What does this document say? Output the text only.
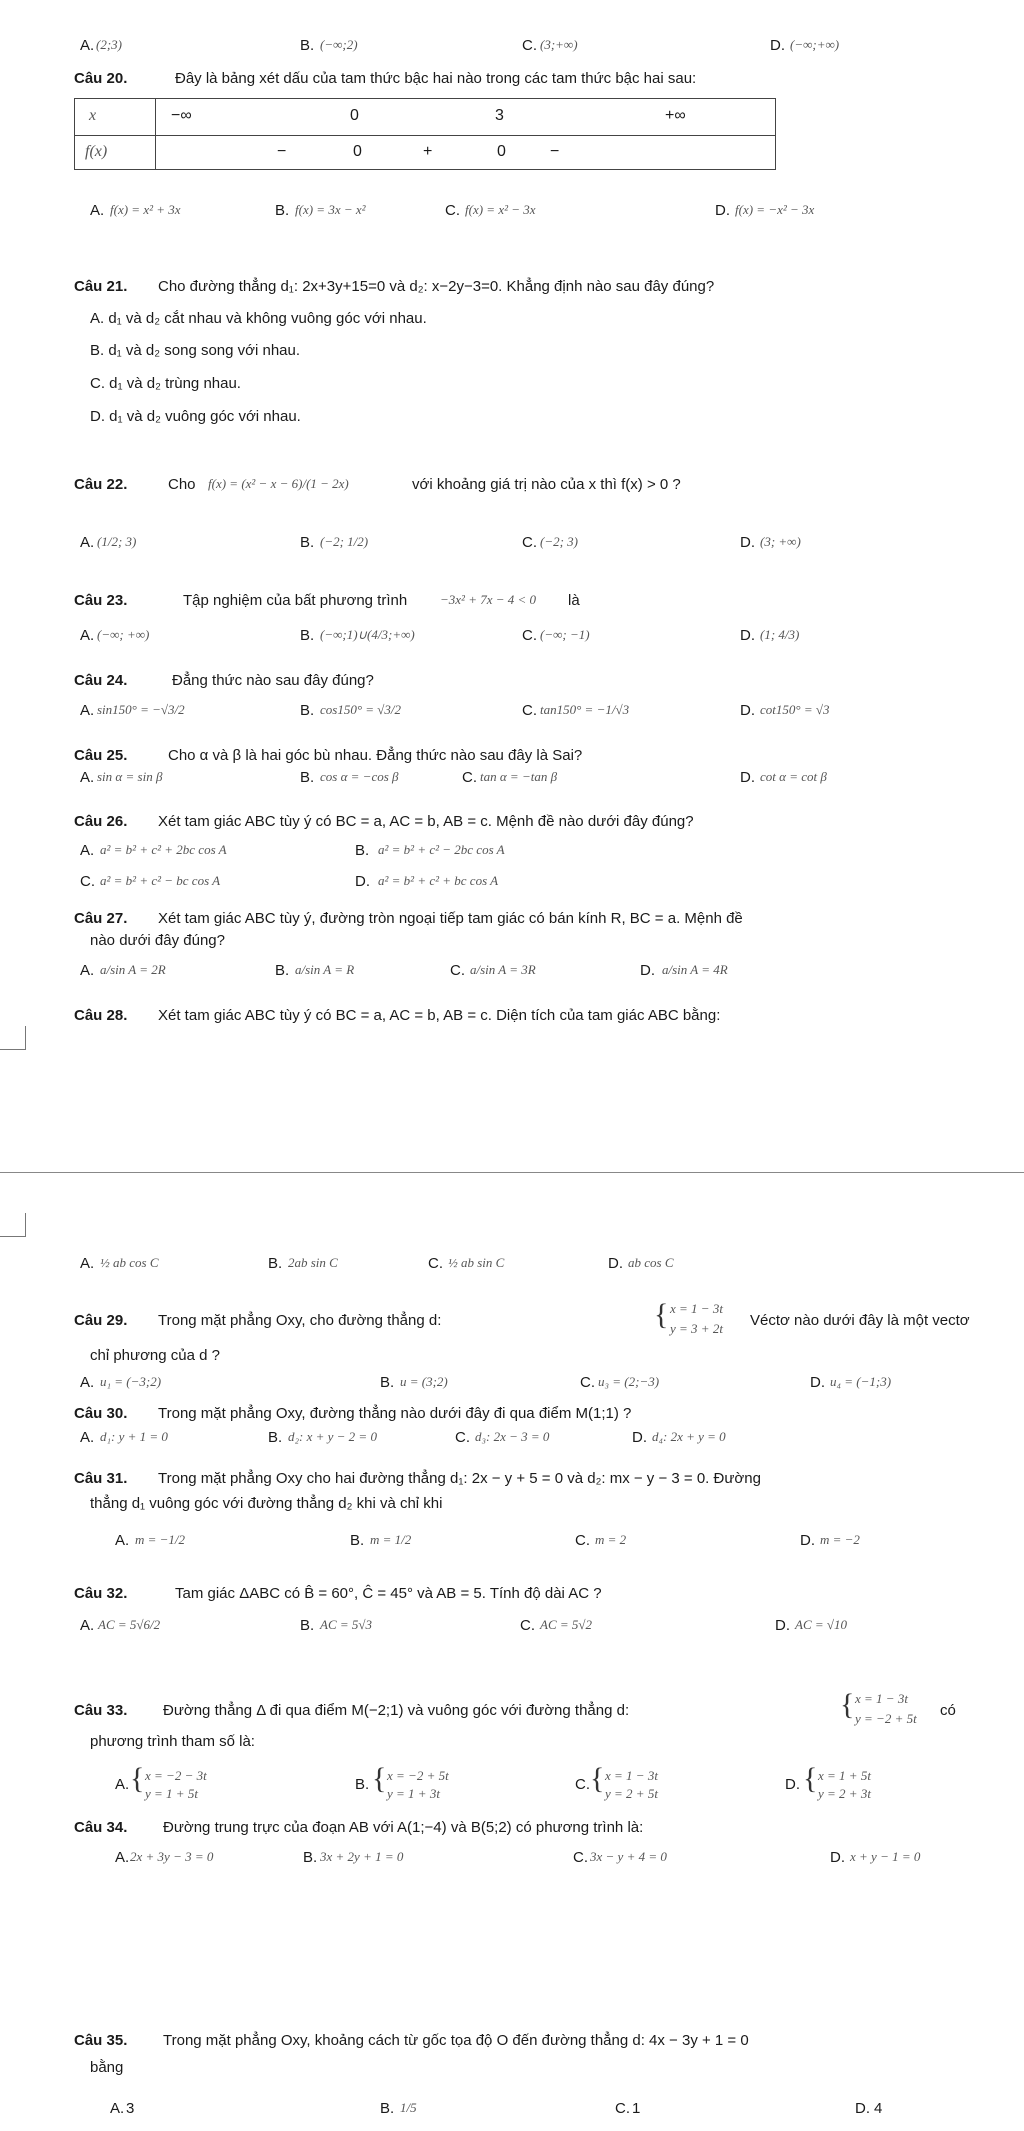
A. (2;3)	B. (−∞;2)	C. (3;+∞)	D. (−∞;+∞)
Câu 20.	Đây là bảng xét dấu của tam thức bậc hai nào trong các tam thức bậc hai sau:
x	−∞	0	3	+∞
f(x)	−	0	+	0	−
A. f(x) = x² + 3x	B. f(x) = 3x − x²	C. f(x) = x² − 3x	D. f(x) = −x² − 3x
Câu 21. Cho đường thẳng d₁: 2x+3y+15=0 và d₂: x−2y−3=0. Khẳng định nào sau đây đúng?
A. d₁ và d₂ cắt nhau và không vuông góc với nhau.
B. d₁ và d₂ song song với nhau.
C. d₁ và d₂ trùng nhau.
D. d₁ và d₂ vuông góc với nhau.
Câu 22.	Cho f(x) = (x² − x − 6)/(1 − 2x)	với khoảng giá trị nào của x thì f(x) > 0 ?
A. (1/2; 3)	B. (−2; 1/2)	C. (−2; 3)	D. (3; +∞)
Câu 23.	Tập nghiệm của bất phương trình	−3x² + 7x − 4 < 0 là
A. (−∞; +∞)	B. (−∞;1)∪(4/3;+∞)	C. (−∞; −1)	D. (1; 4/3)
Câu 24.	Đẳng thức nào sau đây đúng?
A. sin150° = −√3/2	B. cos150° = √3/2	C. tan150° = −1/√3	D. cot150° = √3
Câu 25.	Cho α và β là hai góc bù nhau. Đẳng thức nào sau đây là Sai?
A. sin α = sin β	B. cos α = −cos β	C. tan α = −tan β	D. cot α = cot β
Câu 26. Xét tam giác ABC tùy ý có BC = a, AC = b, AB = c. Mệnh đề nào dưới đây đúng?
A. a² = b² + c² + 2bc cos A	B. a² = b² + c² − 2bc cos A
C. a² = b² + c² − bc cos A	D. a² = b² + c² + bc cos A
Câu 27. Xét tam giác ABC tùy ý, đường tròn ngoại tiếp tam giác có bán kính R, BC = a. Mệnh đề
nào dưới đây đúng?
A. a/sin A = 2R	B. a/sin A = R	C. a/sin A = 3R	D. a/sin A = 4R
Câu 28. Xét tam giác ABC tùy ý có BC = a, AC = b, AB = c. Diện tích của tam giác ABC bằng:
A. ½ ab cos C	B. 2ab sin C	C. ½ ab sin C	D. ab cos C
Câu 29. Trong mặt phẳng Oxy, cho đường thẳng d:	{ x = 1 − 3t
y = 3 + 2t Véctơ nào dưới đây là một vectơ
chỉ phương của d ?
A. u₁ = (−3;2)	B. u = (3;2)	C. u₃ = (2;−3)	D. u₄ = (−1;3)
Câu 30. Trong mặt phẳng Oxy, đường thẳng nào dưới đây đi qua điểm M(1;1) ?
A. d₁: y + 1 = 0	B. d₂: x + y − 2 = 0	C. d₃: 2x − 3 = 0	D. d₄: 2x + y = 0
Câu 31. Trong mặt phẳng Oxy cho hai đường thẳng d₁: 2x − y + 5 = 0 và d₂: mx − y − 3 = 0. Đường
thẳng d₁ vuông góc với đường thẳng d₂ khi và chỉ khi
A. m = −1/2	B. m = 1/2	C. m = 2	D. m = −2
Câu 32.	Tam giác ΔABC có B̂ = 60°, Ĉ = 45° và AB = 5. Tính độ dài AC ?
A. AC = 5√6/2	B. AC = 5√3	C. AC = 5√2	D. AC = √10
Câu 33. Đường thẳng Δ đi qua điểm M(−2;1) và vuông góc với đường thẳng d:	{ x = 1 − 3t
y = −2 + 5t có
phương trình tham số là:
A. { x = −2 − 3t
y = 1 + 5t
B. { x = −2 + 5t
y = 1 + 3t
C. { x = 1 − 3t
y = 2 + 5t
D. { x = 1 + 5t
y = 2 + 3t
Câu 34. Đường trung trực của đoạn AB với A(1;−4) và B(5;2) có phương trình là:
A. 2x + 3y − 3 = 0	B. 3x + 2y + 1 = 0	C. 3x − y + 4 = 0	D. x + y − 1 = 0
Câu 35. Trong mặt phẳng Oxy, khoảng cách từ gốc tọa độ O đến đường thẳng d: 4x − 3y + 1 = 0
bằng
A. 3	B. 1/5	C. 1	D. 4
